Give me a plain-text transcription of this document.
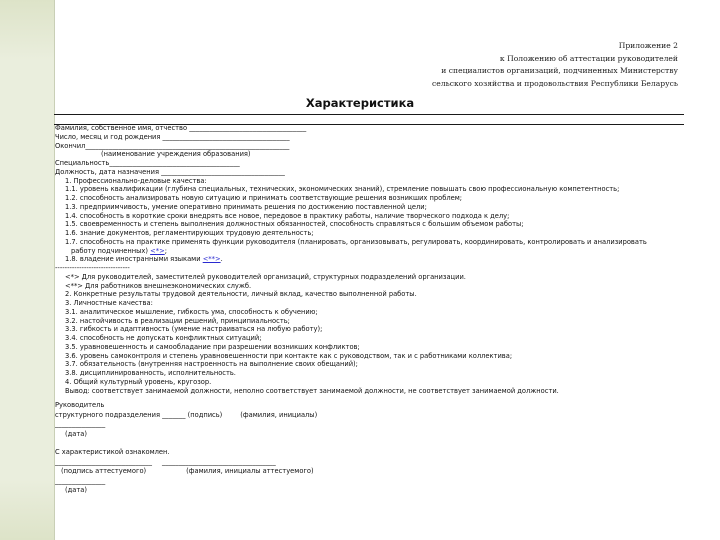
Приложение 2
к Положению об аттестации руководителей
и специалистов организаций, подчиненных Министерству
сельского хозяйства и продовольствия Республики Беларусь
Характеристика
Фамилия, собственное имя, отчество ___________________________________
Число, месяц и год рождения ______________________________________
Окончил_____________________________________________________________
(наименование учреждения образования)
Специальность_______________________________________
Должность, дата назначения _____________________________________
1. Профессионально-деловые качества:
1.1. уровень квалификации (глубина специальных, технических, экономических знаний), стремление повышать свою профессиональную компетентность;
1.2. способность анализировать новую ситуацию и принимать соответствующие решения возникших проблем;
1.3. предприимчивость, умение оперативно принимать решения по достижению поставленной цели;
1.4. способность в короткие сроки внедрять все новое, передовое в практику работы, наличие творческого подхода к делу;
1.5. своевременность и степень выполнения должностных обязанностей, способность справляться с большим объемом работы;
1.6. знание документов, регламентирующих трудовую деятельность;
1.7. способность на практике применять функции руководителя (планировать, организовывать, регулировать, координировать, контролировать и анализировать
работу подчиненных) <*>;
1.8. владение иностранными языками <**>.
-------------------------------
<*> Для руководителей, заместителей руководителей организаций, структурных подразделений организации.
<**> Для работников внешнеэкономических служб.
2. Конкретные результаты трудовой деятельности, личный вклад, качество выполненной работы.
3. Личностные качества:
3.1. аналитическое мышление, гибкость ума, способность к обучению;
3.2. настойчивость в реализации решений, принципиальность;
3.3. гибкость и адаптивность (умение настраиваться на любую работу);
3.4. способность не допускать конфликтных ситуаций;
3.5. уравновешенность и самообладание при разрешении возникших конфликтов;
3.6. уровень самоконтроля и степень уравновешенности при контакте как с руководством, так и с работниками коллектива;
3.7. обязательность (внутренняя настроенность на выполнение своих обещаний);
3.8. дисциплинированность, исполнительность.
4. Общий культурный уровень, кругозор.
Вывод: соответствует занимаемой должности, неполно соответствует занимаемой должности, не соответствует занимаемой должности.
Руководитель
структурного подразделения _______ (подпись)	(фамилия, инициалы)
_______________
(дата)
С характеристикой ознакомлен.
_____________________________ __________________________________
(подпись аттестуемого)	(фамилия, инициалы аттестуемого)
_______________
(дата)
